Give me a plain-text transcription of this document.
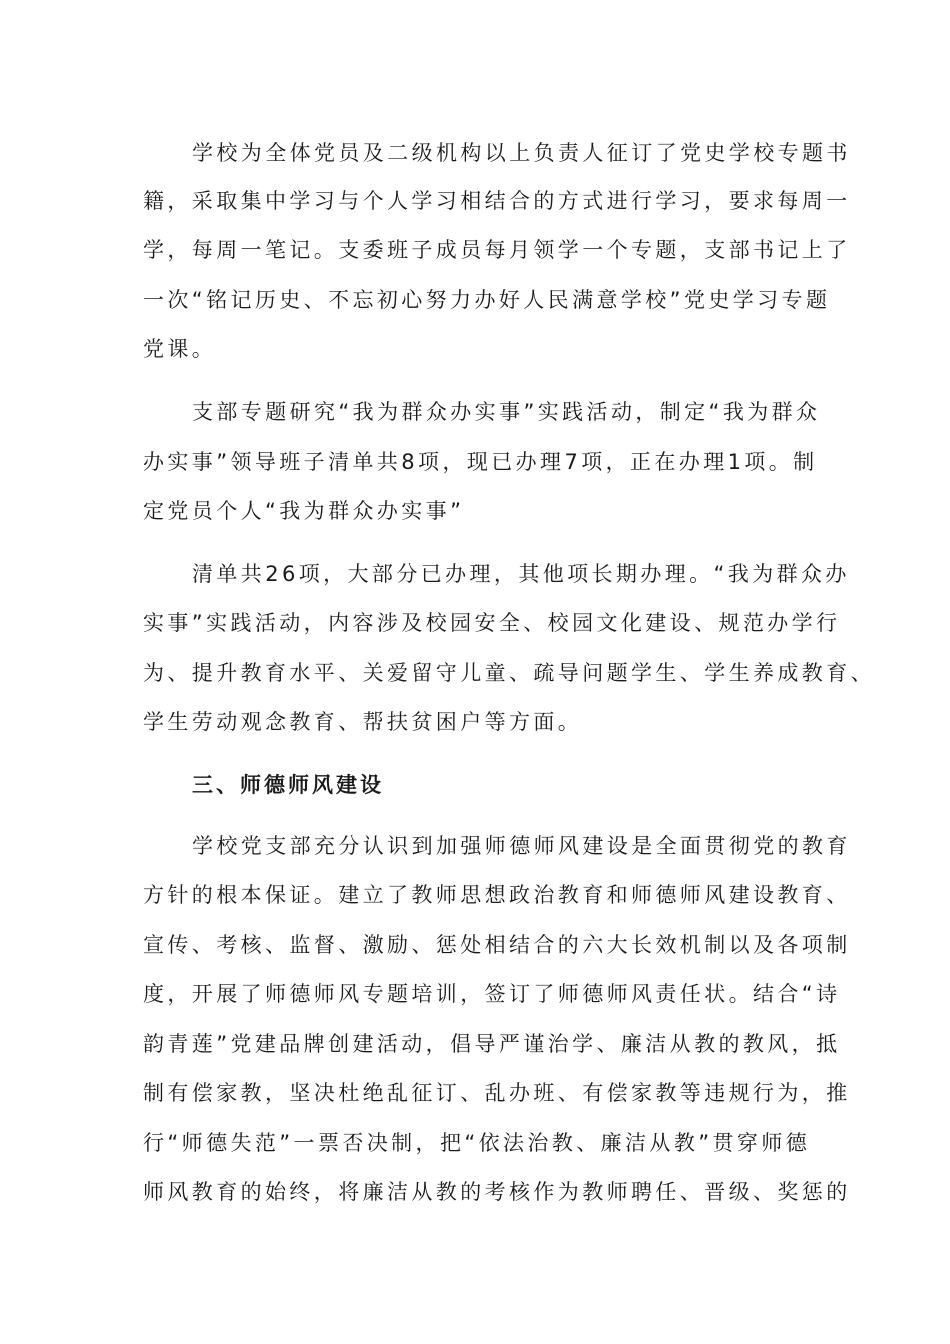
学校为全体党员及二级机构以上负责人征订了党史学校专题书
籍，采取集中学习与个人学习相结合的方式进行学习，要求每周一
学，每周一笔记。支委班子成员每月领学一个专题，支部书记上了
一次“铭记历史、不忘初心努力办好人民满意学校”党史学习专题
党课。
支部专题研究“我为群众办实事”实践活动，制定“我为群众
办实事”领导班子清单共8项，现已办理7项，正在办理1项。制
定党员个人“我为群众办实事”
清单共26项，大部分已办理，其他项长期办理。“我为群众办
实事”实践活动，内容涉及校园安全、校园文化建设、规范办学行
为、提升教育水平、关爱留守儿童、疏导问题学生、学生养成教育、
学生劳动观念教育、帮扶贫困户等方面。
三、师德师风建设
学校党支部充分认识到加强师德师风建设是全面贯彻党的教育
方针的根本保证。建立了教师思想政治教育和师德师风建设教育、
宣传、考核、监督、激励、惩处相结合的六大长效机制以及各项制
度，开展了师德师风专题培训，签订了师德师风责任状。结合“诗
韵青莲”党建品牌创建活动，倡导严谨治学、廉洁从教的教风，抵
制有偿家教，坚决杜绝乱征订、乱办班、有偿家教等违规行为，推
行“师德失范”一票否决制，把“依法治教、廉洁从教”贯穿师德
师风教育的始终，将廉洁从教的考核作为教师聘任、晋级、奖惩的
